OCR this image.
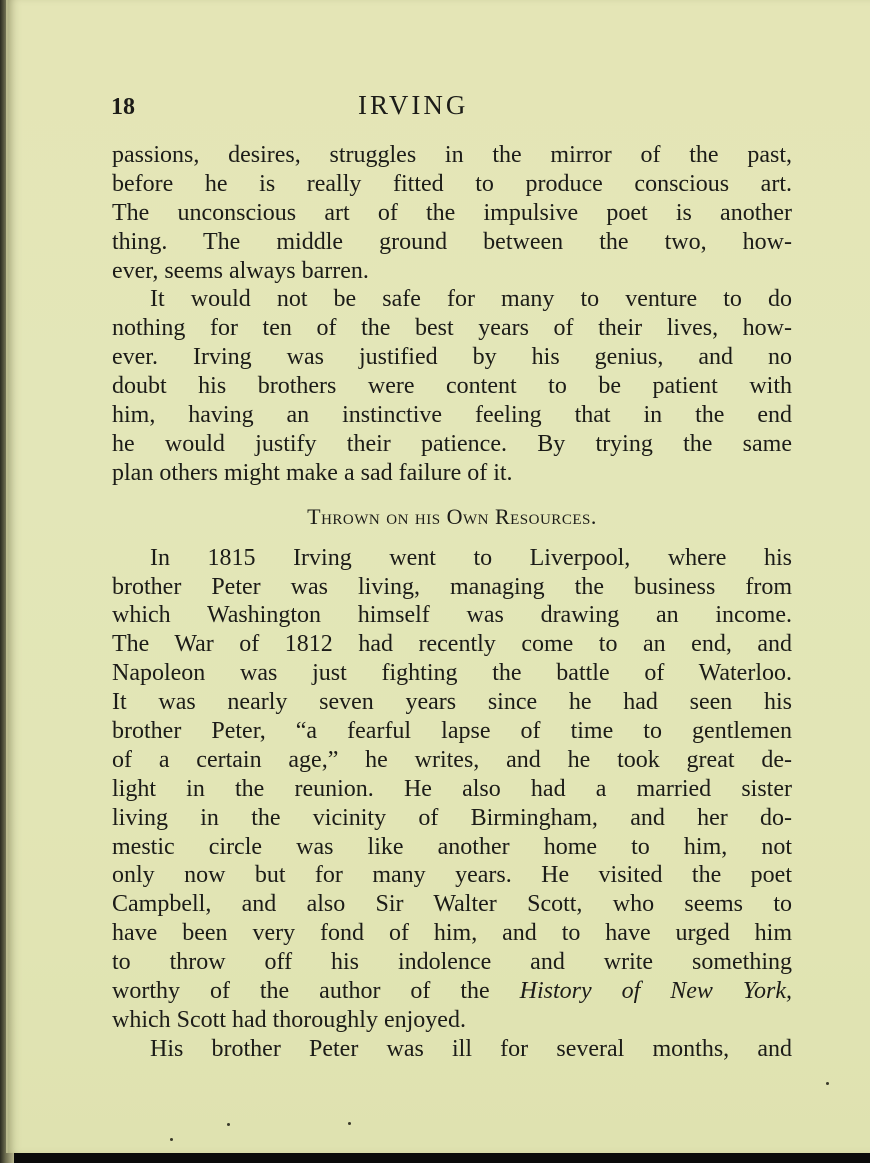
18	IRVING
passions, desires, struggles in the mirror of the past,
before he is really fitted to produce conscious art.
The unconscious art of the impulsive poet is another
thing. The middle ground between the two, how-
ever, seems always barren.
It would not be safe for many to venture to do
nothing for ten of the best years of their lives, how-
ever. Irving was justified by his genius, and no
doubt his brothers were content to be patient with
him, having an instinctive feeling that in the end
he would justify their patience. By trying the same
plan others might make a sad failure of it.
Thrown on his Own Resources.
In 1815 Irving went to Liverpool, where his
brother Peter was living, managing the business from
which Washington himself was drawing an income.
The War of 1812 had recently come to an end, and
Napoleon was just fighting the battle of Waterloo.
It was nearly seven years since he had seen his
brother Peter, “a fearful lapse of time to gentlemen
of a certain age,” he writes, and he took great de-
light in the reunion. He also had a married sister
living in the vicinity of Birmingham, and her do-
mestic circle was like another home to him, not
only now but for many years. He visited the poet
Campbell, and also Sir Walter Scott, who seems to
have been very fond of him, and to have urged him
to throw off his indolence and write something
worthy of the author of the History of New York,
which Scott had thoroughly enjoyed.
His brother Peter was ill for several months, and
